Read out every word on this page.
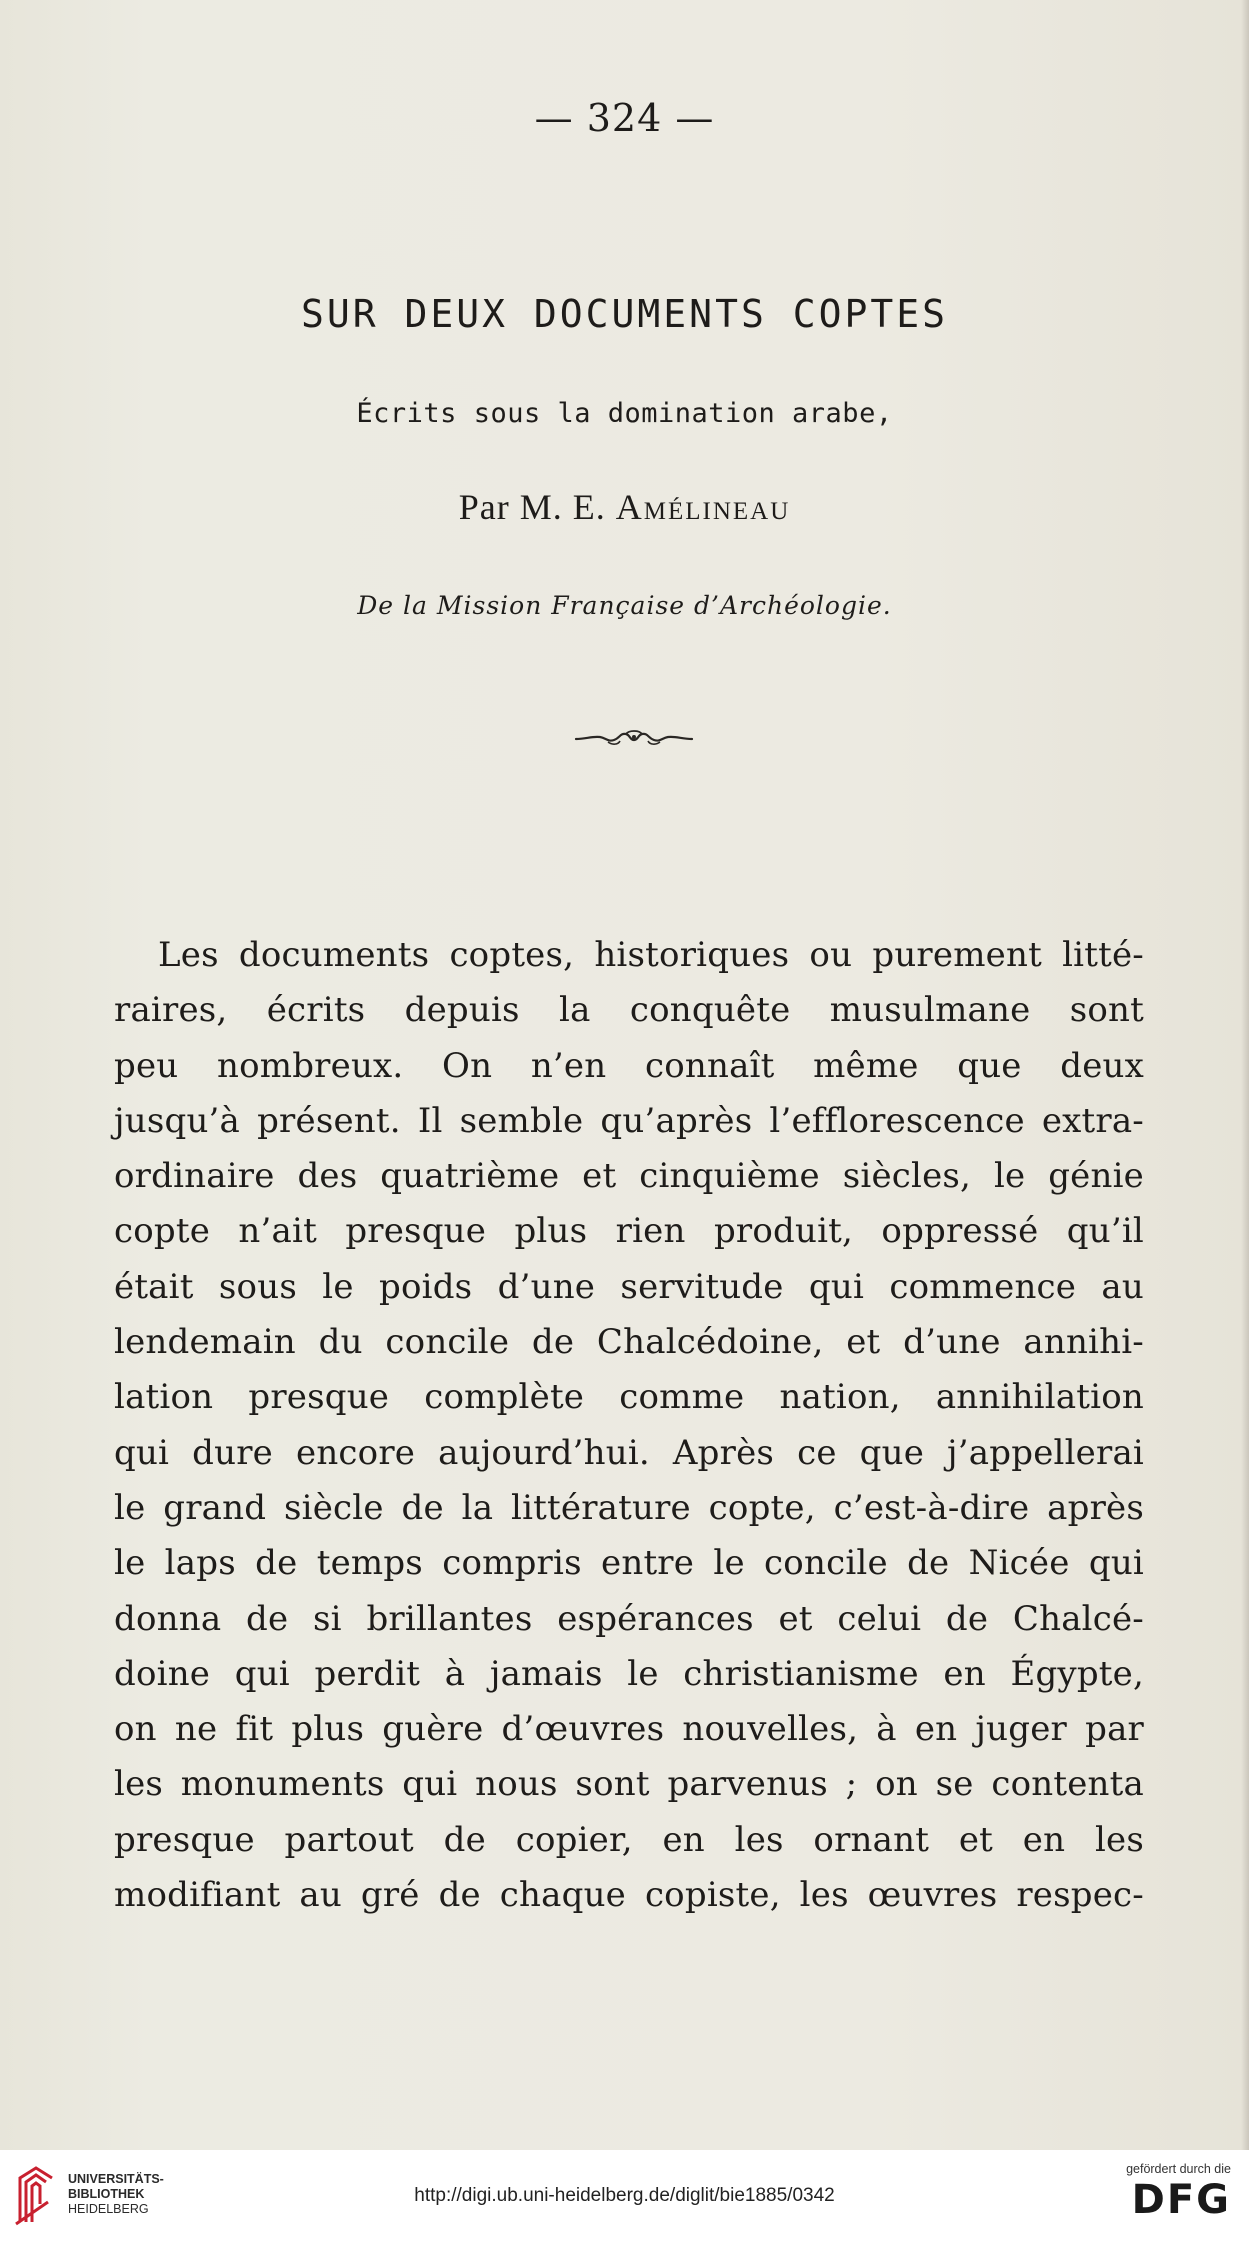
— 324 —
SUR DEUX DOCUMENTS COPTES
Écrits sous la domination arabe,
Par M. E. Amélineau
De la Mission Française d’Archéologie.
Les documents coptes, historiques ou purement litté-
raires, écrits depuis la conquête musulmane sont
peu nombreux. On n’en connaît même que deux
jusqu’à présent. Il semble qu’après l’efflorescence extra-
ordinaire des quatrième et cinquième siècles, le génie
copte n’ait presque plus rien produit, oppressé qu’il
était sous le poids d’une servitude qui commence au
lendemain du concile de Chalcédoine, et d’une annihi-
lation presque complète comme nation, annihilation
qui dure encore aujourd’hui. Après ce que j’appellerai
le grand siècle de la littérature copte, c’est-à-dire après
le laps de temps compris entre le concile de Nicée qui
donna de si brillantes espérances et celui de Chalcé-
doine qui perdit à jamais le christianisme en Égypte,
on ne fit plus guère d’œuvres nouvelles, à en juger par
les monuments qui nous sont parvenus ; on se contenta
presque partout de copier, en les ornant et en les
modifiant au gré de chaque copiste, les œuvres respec-
UNIVERSITÄTS-
BIBLIOTHEK
HEIDELBERG
http://digi.ub.uni-heidelberg.de/diglit/bie1885/0342
gefördert durch die
DFG
